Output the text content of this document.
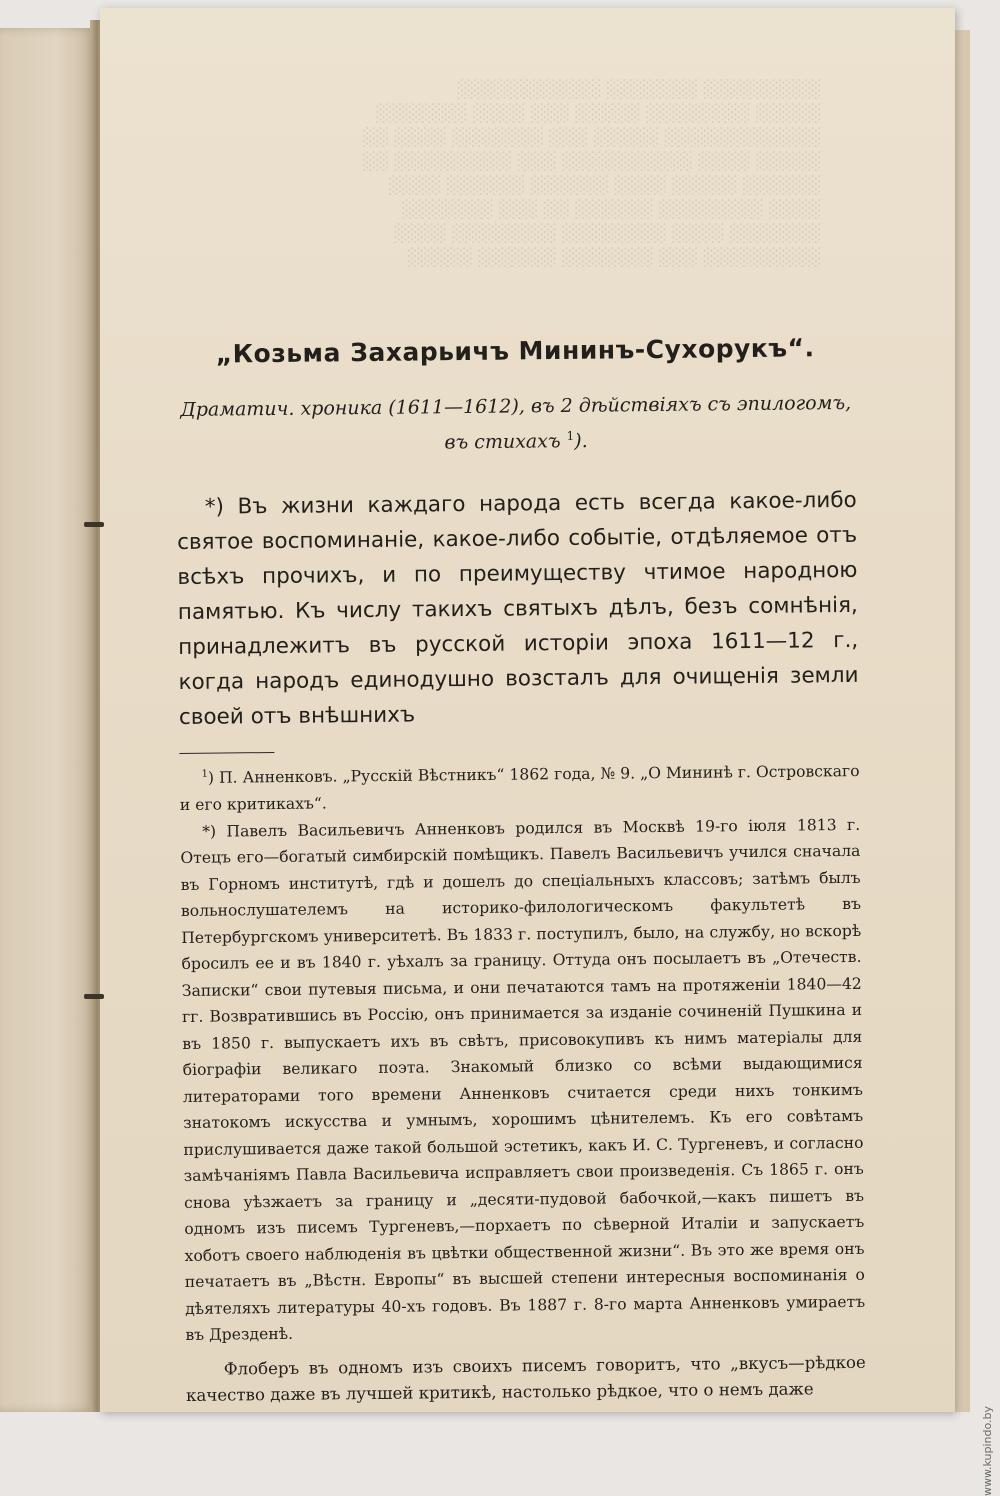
░░░░░░░░░ ░░░░░░░ ░░░░░░░░░░░
░░░░░ ░░░░░░░░ ░░░░░ ░░░ ░░░░ ░░░░░░░
░░░░░░░░░░░░ ░░░░░ ░░░ ░░░░░░░ ░░░░ ░░
░░░░░ ░░░░ ░░░░░░░░░░ ░░░ ░░░░░░░░░ ░░
░░░░░░ ░░░░░ ░░░░ ░░░░░░ ░░░░░░ ░░░░
░░░░ ░░░░░░░░ ░░░░░░ ░░ ░░░ ░░░░░░░
░░░░░░░ ░░░░ ░░░░░░░░ ░░░░░░░░ ░░░░
░░░░░░░░░ ░░░ ░░░░░░░ ░░░░░░ ░░░░░
„Козьма Захарьичъ Мининъ-Сухорукъ“.
Драматич. хроника (1611—1612), въ 2 дѣйствіяхъ съ эпилогомъ,
въ стихахъ $^1$).

*) Въ жизни каждаго народа есть всегда какое-либо святое воспоминаніе, какое-либо событіе, отдѣляемое отъ всѣхъ прочихъ, и по преимуществу чтимое народною памятью. Къ числу такихъ святыхъ дѣлъ, безъ сомнѣнія, принадлежитъ въ русской исторіи эпоха 1611—12 г., когда народъ единодушно возсталъ для очищенія земли своей отъ внѣшнихъ

$^1$) П. Анненковъ. „Русскій Вѣстникъ“ 1862 года, № 9. „О Мининѣ г. Островскаго и его критикахъ“.

*) Павелъ Васильевичъ Анненковъ родился въ Москвѣ 19-го іюля 1813 г. Отецъ его—богатый симбирскій помѣщикъ. Павелъ Васильевичъ учился сначала въ Горномъ институтѣ, гдѣ и дошелъ до спеціальныхъ классовъ; затѣмъ былъ вольнослушателемъ на историко-филологическомъ факультетѣ въ Петербургскомъ университетѣ. Въ 1833 г. поступилъ, было, на службу, но вскорѣ бросилъ ее и въ 1840 г. уѣхалъ за границу. Оттуда онъ посылаетъ въ „Отечеств. Записки“ свои путевыя письма, и они печатаются тамъ на протяженіи 1840—42 гг. Возвратившись въ Россію, онъ принимается за изданіе сочиненій Пушкина и въ 1850 г. выпускаетъ ихъ въ свѣтъ, присовокупивъ къ нимъ матеріалы для біографіи великаго поэта. Знакомый близко со всѣми выдающимися литераторами того времени Анненковъ считается среди нихъ тонкимъ знатокомъ искусства и умнымъ, хорошимъ цѣнителемъ. Къ его совѣтамъ прислушивается даже такой большой эстетикъ, какъ И. С. Тургеневъ, и согласно замѣчаніямъ Павла Васильевича исправляетъ свои произведенія. Съ 1865 г. онъ снова уѣзжаетъ за границу и „десяти-пудовой бабочкой,—какъ пишетъ въ одномъ изъ писемъ Тургеневъ,—порхаетъ по сѣверной Италіи и запускаетъ хоботъ своего наблюденія въ цвѣтки общественной жизни“. Въ это же время онъ печатаетъ въ „Вѣстн. Европы“ въ высшей степени интересныя воспоминанія о дѣятеляхъ литературы 40-хъ годовъ. Въ 1887 г. 8-го марта Анненковъ умираетъ въ Дрезденѣ.

Флоберъ въ одномъ изъ своихъ писемъ говоритъ, что „вкусъ—рѣдкое качество даже въ лучшей критикѣ, настолько рѣдкое, что о немъ даже

www.kupindo.by
